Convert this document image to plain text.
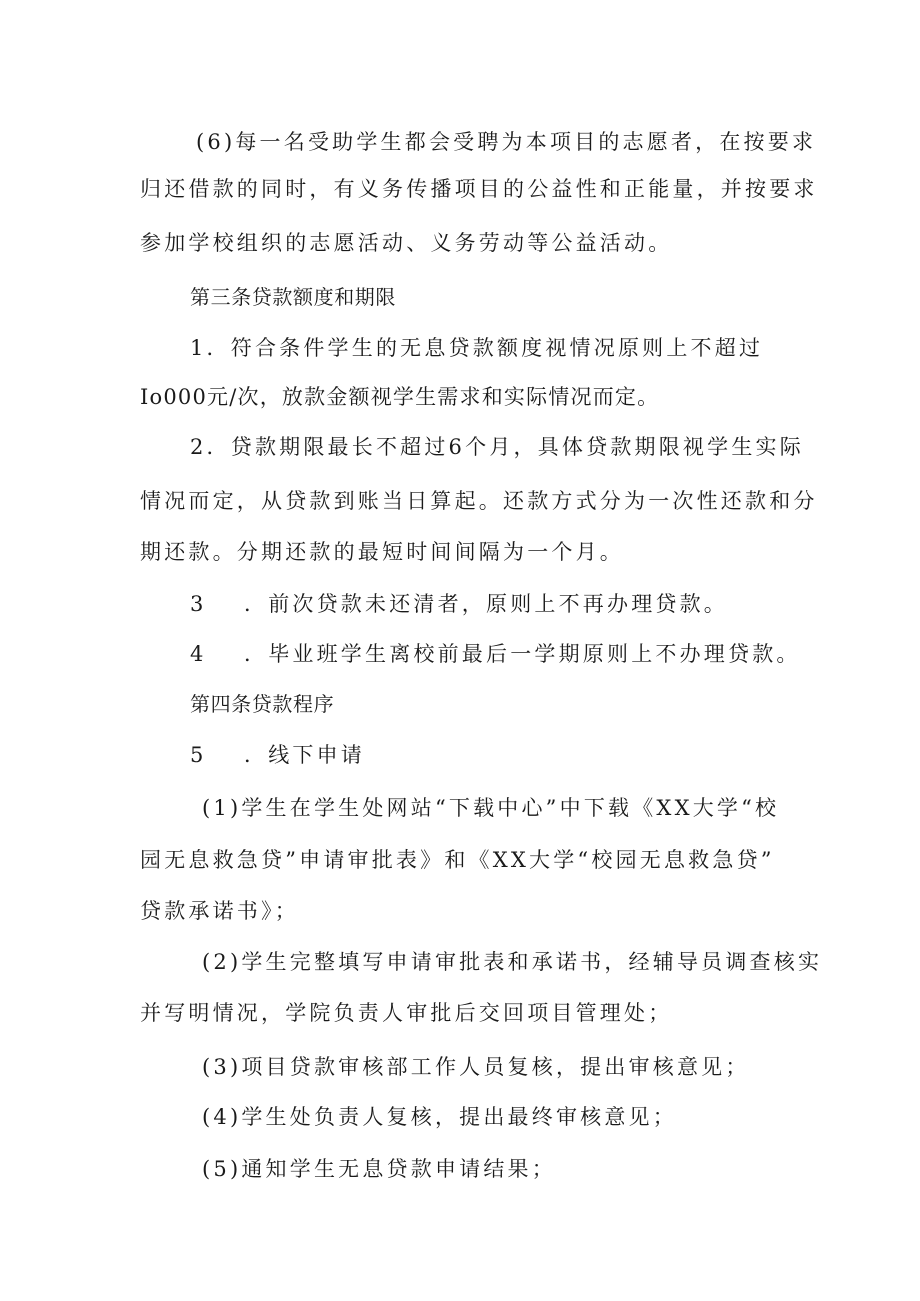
(6)每一名受助学生都会受聘为本项目的志愿者，在按要求
归还借款的同时，有义务传播项目的公益性和正能量，并按要求
参加学校组织的志愿活动、义务劳动等公益活动。
第三条贷款额度和期限
1．符合条件学生的无息贷款额度视情况原则上不超过
Io000元/次，放款金额视学生需求和实际情况而定。
2．贷款期限最长不超过6个月，具体贷款期限视学生实际
情况而定，从贷款到账当日算起。还款方式分为一次性还款和分
期还款。分期还款的最短时间间隔为一个月。
3 ．前次贷款未还清者，原则上不再办理贷款。
4 ．毕业班学生离校前最后一学期原则上不办理贷款。
第四条贷款程序
5 ．线下申请
(1)学生在学生处网站“下载中心”中下载《XX大学“校
园无息救急贷”申请审批表》和《XX大学“校园无息救急贷”
贷款承诺书》；
(2)学生完整填写申请审批表和承诺书，经辅导员调查核实
并写明情况，学院负责人审批后交回项目管理处；
(3)项目贷款审核部工作人员复核，提出审核意见；
(4)学生处负责人复核，提出最终审核意见；
(5)通知学生无息贷款申请结果；
